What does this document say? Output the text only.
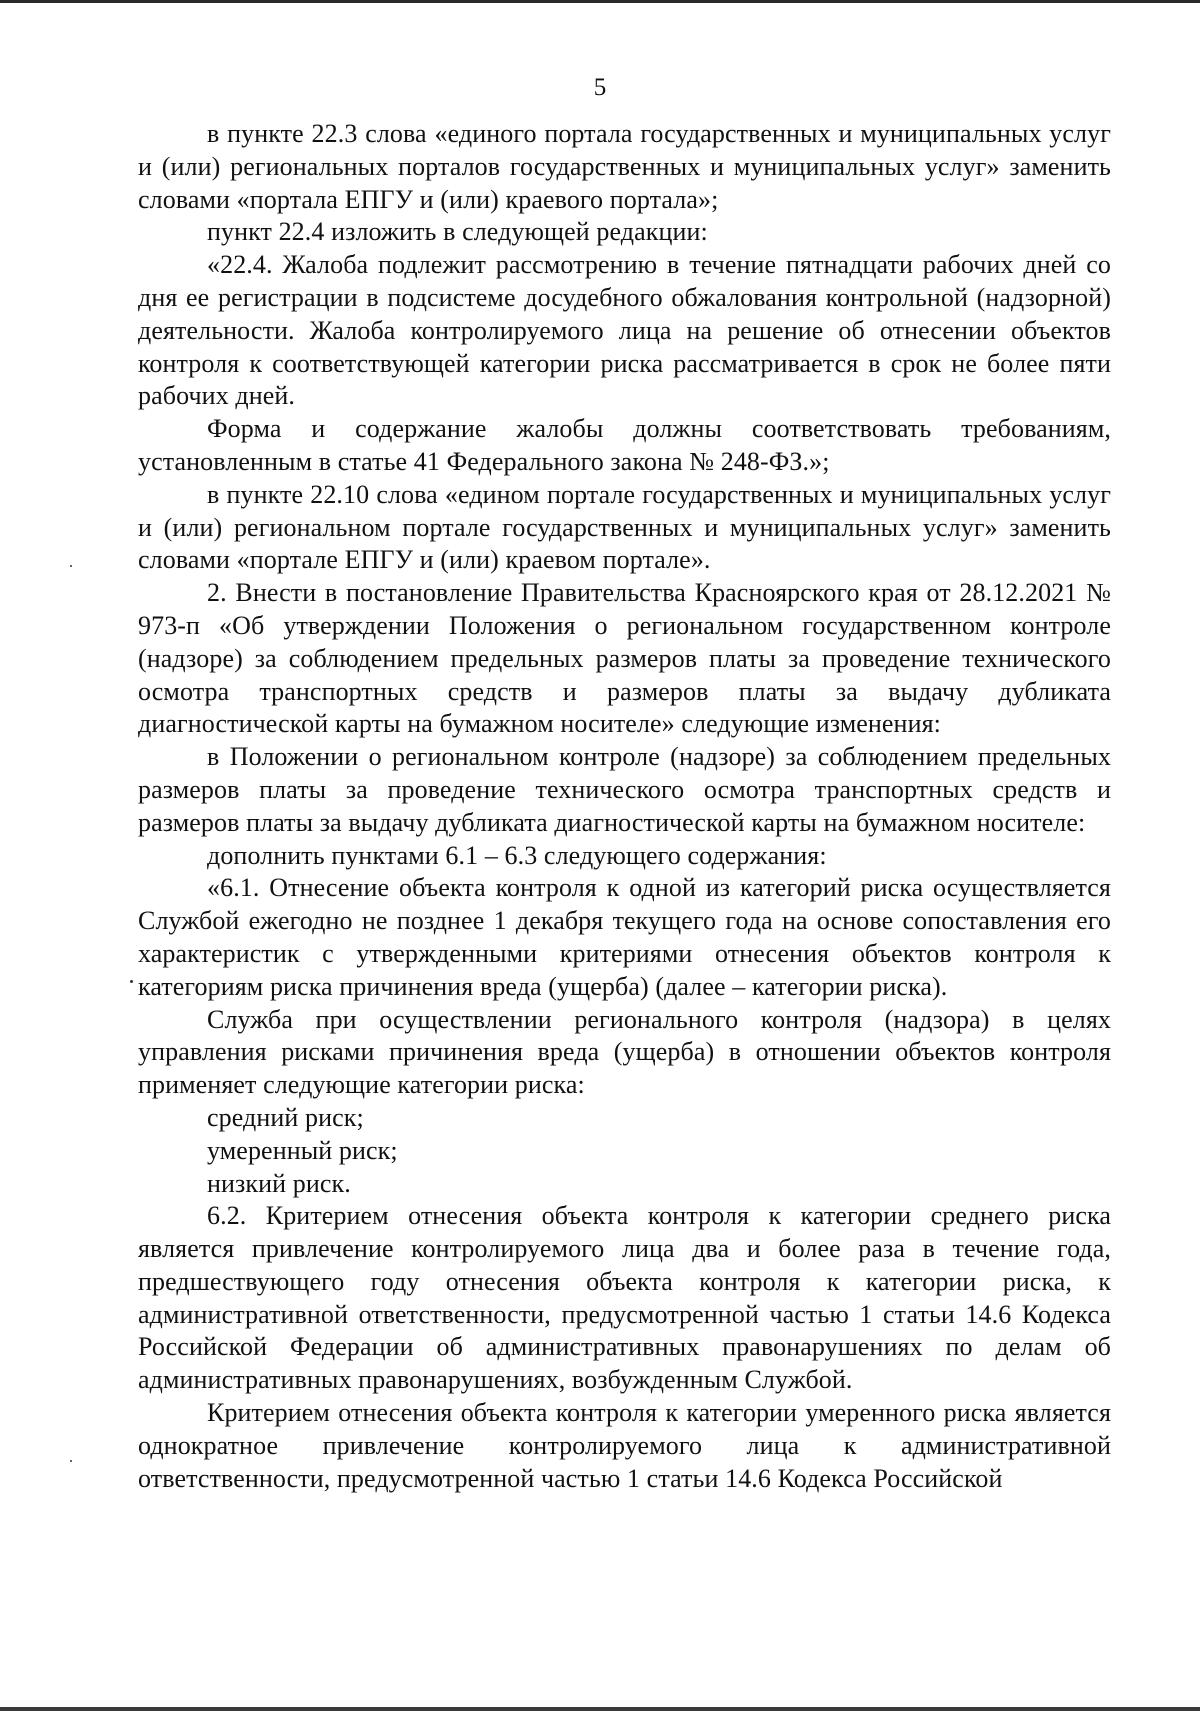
5

в пункте 22.3 слова «единого портала государственных и муниципальных услуг и (или) региональных порталов государственных и муниципальных услуг» заменить словами «портала ЕПГУ и (или) краевого портала»;

пункт 22.4 изложить в следующей редакции:

«22.4. Жалоба подлежит рассмотрению в течение пятнадцати рабочих дней со дня ее регистрации в подсистеме досудебного обжалования контрольной (надзорной) деятельности. Жалоба контролируемого лица на решение об отнесении объектов контроля к соответствующей категории риска рассматривается в срок не более пяти рабочих дней.

Форма и содержание жалобы должны соответствовать требованиям, установленным в статье 41 Федерального закона № 248-ФЗ.»;

в пункте 22.10 слова «едином портале государственных и муниципальных услуг и (или) региональном портале государственных и муниципальных услуг» заменить словами «портале ЕПГУ и (или) краевом портале».

2. Внести в постановление Правительства Красноярского края от 28.12.2021 № 973-п «Об утверждении Положения о региональном государственном контроле (надзоре) за соблюдением предельных размеров платы за проведение технического осмотра транспортных средств и размеров платы за выдачу дубликата диагностической карты на бумажном носителе» следующие изменения:

в Положении о региональном контроле (надзоре) за соблюдением предельных размеров платы за проведение технического осмотра транспортных средств и размеров платы за выдачу дубликата диагностической карты на бумажном носителе:

дополнить пунктами 6.1 – 6.3 следующего содержания:

«6.1. Отнесение объекта контроля к одной из категорий риска осуществляется Службой ежегодно не позднее 1 декабря текущего года на основе сопоставления его характеристик с утвержденными критериями отнесения объектов контроля к категориям риска причинения вреда (ущерба) (далее – категории риска).

Служба при осуществлении регионального контроля (надзора) в целях управления рисками причинения вреда (ущерба) в отношении объектов контроля применяет следующие категории риска:

средний риск;

умеренный риск;

низкий риск.

6.2. Критерием отнесения объекта контроля к категории среднего риска является привлечение контролируемого лица два и более раза в течение года, предшествующего году отнесения объекта контроля к категории риска, к административной ответственности, предусмотренной частью 1 статьи 14.6 Кодекса Российской Федерации об административных правонарушениях по делам об административных правонарушениях, возбужденным Службой.

Критерием отнесения объекта контроля к категории умеренного риска является однократное привлечение контролируемого лица к административной ответственности, предусмотренной частью 1 статьи 14.6 Кодекса Российской
